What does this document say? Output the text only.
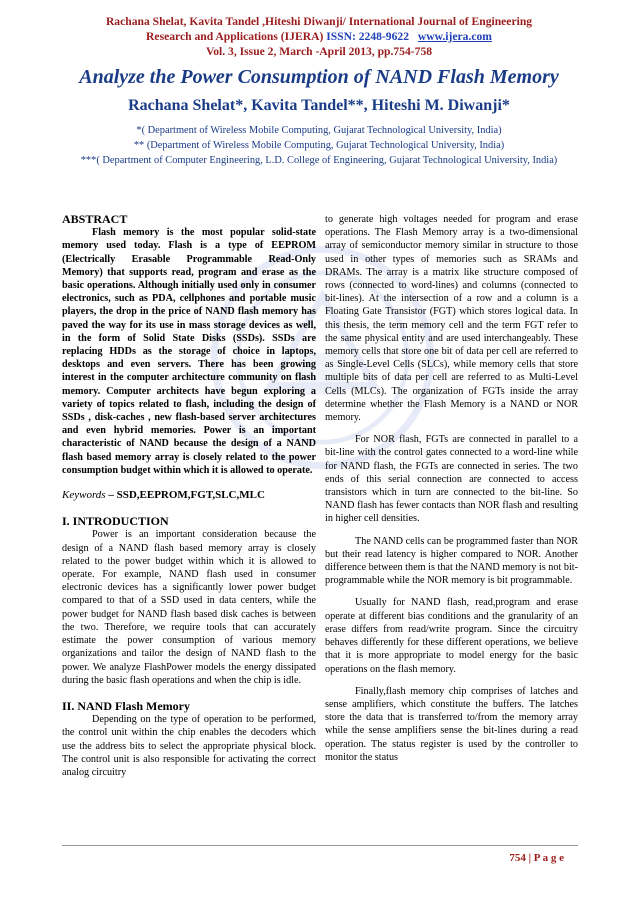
Rachana Shelat, Kavita Tandel ,Hiteshi Diwanji/ International Journal of Engineering
Research and Applications (IJERA) ISSN: 2248-9622 www.ijera.com
Vol. 3, Issue 2, March -April 2013, pp.754-758
Analyze the Power Consumption of NAND Flash Memory
Rachana Shelat*, Kavita Tandel**, Hiteshi M. Diwanji*
*( Department of Wireless Mobile Computing, Gujarat Technological University, India)
** (Department of Wireless Mobile Computing, Gujarat Technological University, India)
***( Department of Computer Engineering, L.D. College of Engineering, Gujarat Technological University, India)

ABSTRACT

Flash memory is the most popular solid-state memory used today. Flash is a type of EEPROM (Electrically Erasable Programmable Read-Only Memory) that supports read, program and erase as the basic operations. Although initially used only in consumer electronics, such as PDA, cellphones and portable music players, the drop in the price of NAND flash memory has paved the way for its use in mass storage devices as well, in the form of Solid State Disks (SSDs). SSDs are replacing HDDs as the storage of choice in laptops, desktops and even servers. There has been growing interest in the computer architecture community on flash memory. Computer architects have begun exploring a variety of topics related to flash, including the design of SSDs , disk-caches , new flash-based server architectures and even hybrid memories. Power is an important characteristic of NAND because the design of a NAND flash based memory array is closely related to the power consumption budget within which it is allowed to operate.

Keywords – SSD,EEPROM,FGT,SLC,MLC

I. INTRODUCTION

Power is an important consideration because the design of a NAND flash based memory array is closely related to the power budget within which it is allowed to operate. For example, NAND flash used in consumer electronic devices has a significantly lower power budget compared to that of a SSD used in data centers, while the power budget for NAND flash based disk caches is between the two. Therefore, we require tools that can accurately estimate the power consumption of various memory organizations and tailor the design of NAND flash to the power. We analyze FlashPower models the energy dissipated during the basic flash operations and when the chip is idle.

II. NAND Flash Memory

Depending on the type of operation to be performed, the control unit within the chip enables the decoders which use the address bits to select the appropriate physical block. The control unit is also responsible for activating the correct analog circuitry

to generate high voltages needed for program and erase operations. The Flash Memory array is a two-dimensional array of semiconductor memory similar in structure to those used in other types of memories such as SRAMs and DRAMs. The array is a matrix like structure composed of rows (connected to word-lines) and columns (connected to bit-lines). At the intersection of a row and a column is a Floating Gate Transistor (FGT) which stores logical data. In this thesis, the term memory cell and the term FGT refer to the same physical entity and are used interchangeably. These memory cells that store one bit of data per cell are referred to as Single-Level Cells (SLCs), while memory cells that store multiple bits of data per cell are referred to as Multi-Level Cells (MLCs). The organization of FGTs inside the array determine whether the Flash Memory is a NAND or NOR memory.

For NOR flash, FGTs are connected in parallel to a bit-line with the control gates connected to a word-line while for NAND flash, the FGTs are connected in series. The two ends of this serial connection are connected to access transistors which in turn are connected to the bit-line. So NAND flash has fewer contacts than NOR flash and resulting in higher cell densities.

The NAND cells can be programmed faster than NOR but their read latency is higher compared to NOR. Another difference between them is that the NAND memory is not bit-programmable while the NOR memory is bit programmable.

Usually for NAND flash, read,program and erase operate at different bias conditions and the granularity of an erase differs from read/write program. Since the circuitry behaves differently for these different operations, we believe that it is more appropriate to model energy for the basic operations on the flash memory.

Finally,flash memory chip comprises of latches and sense amplifiers, which constitute the buffers. The latches store the data that is transferred to/from the memory array while the sense amplifiers sense the bit-lines during a read operation. The status register is used by the controller to monitor the status

754 | P a g e
